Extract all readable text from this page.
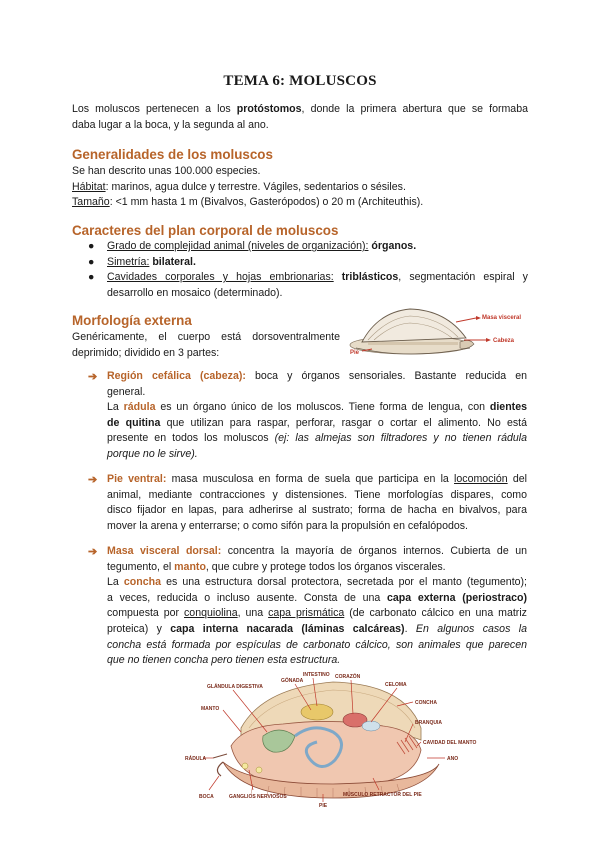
TEMA 6: MOLUSCOS
Los moluscos pertenecen a los protóstomos, donde la primera abertura que se formaba
daba lugar a la boca, y la segunda al ano.
Generalidades de los moluscos
Se han descrito unas 100.000 especies.
Hábitat: marinos, agua dulce y terrestre. Vágiles, sedentarios o sésiles.
Tamaño: <1 mm hasta 1 m (Bivalvos, Gasterópodos) o 20 m (Architeuthis).
Caracteres del plan corporal de moluscos
● Grado de complejidad animal (niveles de organización): órganos.
● Simetría: bilateral.
● Cavidades corporales y hojas embrionarias: triblásticos, segmentación espiral y
desarrollo en mosaico (determinado).
Morfología externa
Genéricamente, el cuerpo está dorsoventralmente
deprimido; dividido en 3 partes:
Masa visceral
Cabeza
Pie
➔ Región cefálica (cabeza): boca y órganos sensoriales. Bastante reducida en
general.
La rádula es un órgano único de los moluscos. Tiene forma de lengua, con dientes
de quitina que utilizan para raspar, perforar, rasgar o cortar el alimento. No está
presente en todos los moluscos (ej: las almejas son filtradores y no tienen rádula
porque no le sirve).
➔ Pie ventral: masa musculosa en forma de suela que participa en la locomoción del
animal, mediante contracciones y distensiones. Tiene morfologías dispares, como
disco fijador en lapas, para adherirse al sustrato; forma de hacha en bivalvos, para
mover la arena y enterrarse; o como sifón para la propulsión en cefalópodos.
➔ Masa visceral dorsal: concentra la mayoría de órganos internos. Cubierta de un
tegumento, el manto, que cubre y protege todos los órganos viscerales.
La concha es una estructura dorsal protectora, secretada por el manto (tegumento);
a veces, reducida o incluso ausente. Consta de una capa externa (periostraco)
compuesta por conquiolina, una capa prismática (de carbonato cálcico en una matriz
proteica) y capa interna nacarada (láminas calcáreas). En algunos casos la
concha está formada por espículas de carbonato cálcico, son animales que parecen
que no tienen concha pero tienen esta estructura.
INTESTINO
GÓNADA
CORAZÓN
GLÁNDULA DIGESTIVA
MANTO
RÁDULA
BOCA
CELOMA
CONCHA
BRANQUIA
CAVIDAD DEL MANTO
ANO
GANGLIOS NERVIOSOS
PIE
MÚSCULO RETRACTOR DEL PIE
